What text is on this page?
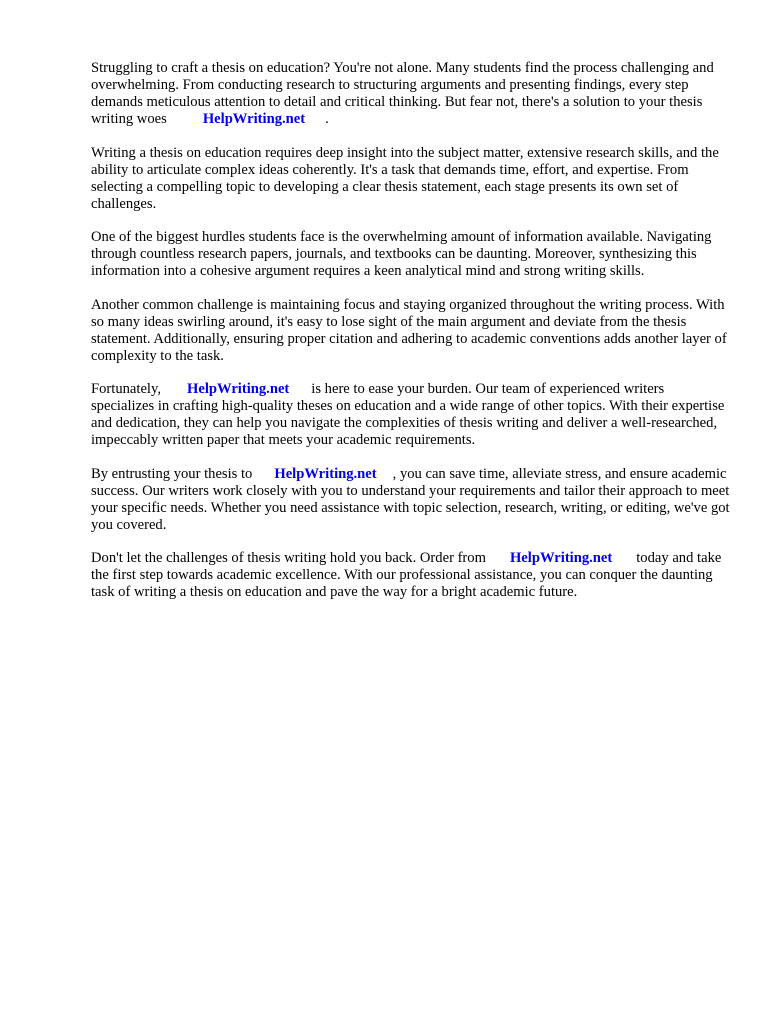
Struggling to craft a thesis on education? You're not alone. Many students find the process challenging and overwhelming. From conducting research to structuring arguments and presenting findings, every step demands meticulous attention to detail and critical thinking. But fear not, there's a solution to your thesis writing woes HelpWriting.net .

Writing a thesis on education requires deep insight into the subject matter, extensive research skills, and the ability to articulate complex ideas coherently. It's a task that demands time, effort, and expertise. From selecting a compelling topic to developing a clear thesis statement, each stage presents its own set of challenges.

One of the biggest hurdles students face is the overwhelming amount of information available. Navigating through countless research papers, journals, and textbooks can be daunting. Moreover, synthesizing this information into a cohesive argument requires a keen analytical mind and strong writing skills.

Another common challenge is maintaining focus and staying organized throughout the writing process. With so many ideas swirling around, it's easy to lose sight of the main argument and deviate from the thesis statement. Additionally, ensuring proper citation and adhering to academic conventions adds another layer of complexity to the task.

Fortunately, HelpWriting.net is here to ease your burden. Our team of experienced writers specializes in crafting high-quality theses on education and a wide range of other topics. With their expertise and dedication, they can help you navigate the complexities of thesis writing and deliver a well-researched, impeccably written paper that meets your academic requirements.

By entrusting your thesis to HelpWriting.net , you can save time, alleviate stress, and ensure academic success. Our writers work closely with you to understand your requirements and tailor their approach to meet your specific needs. Whether you need assistance with topic selection, research, writing, or editing, we've got you covered.

Don't let the challenges of thesis writing hold you back. Order from HelpWriting.net today and take the first step towards academic excellence. With our professional assistance, you can conquer the daunting task of writing a thesis on education and pave the way for a bright academic future.
